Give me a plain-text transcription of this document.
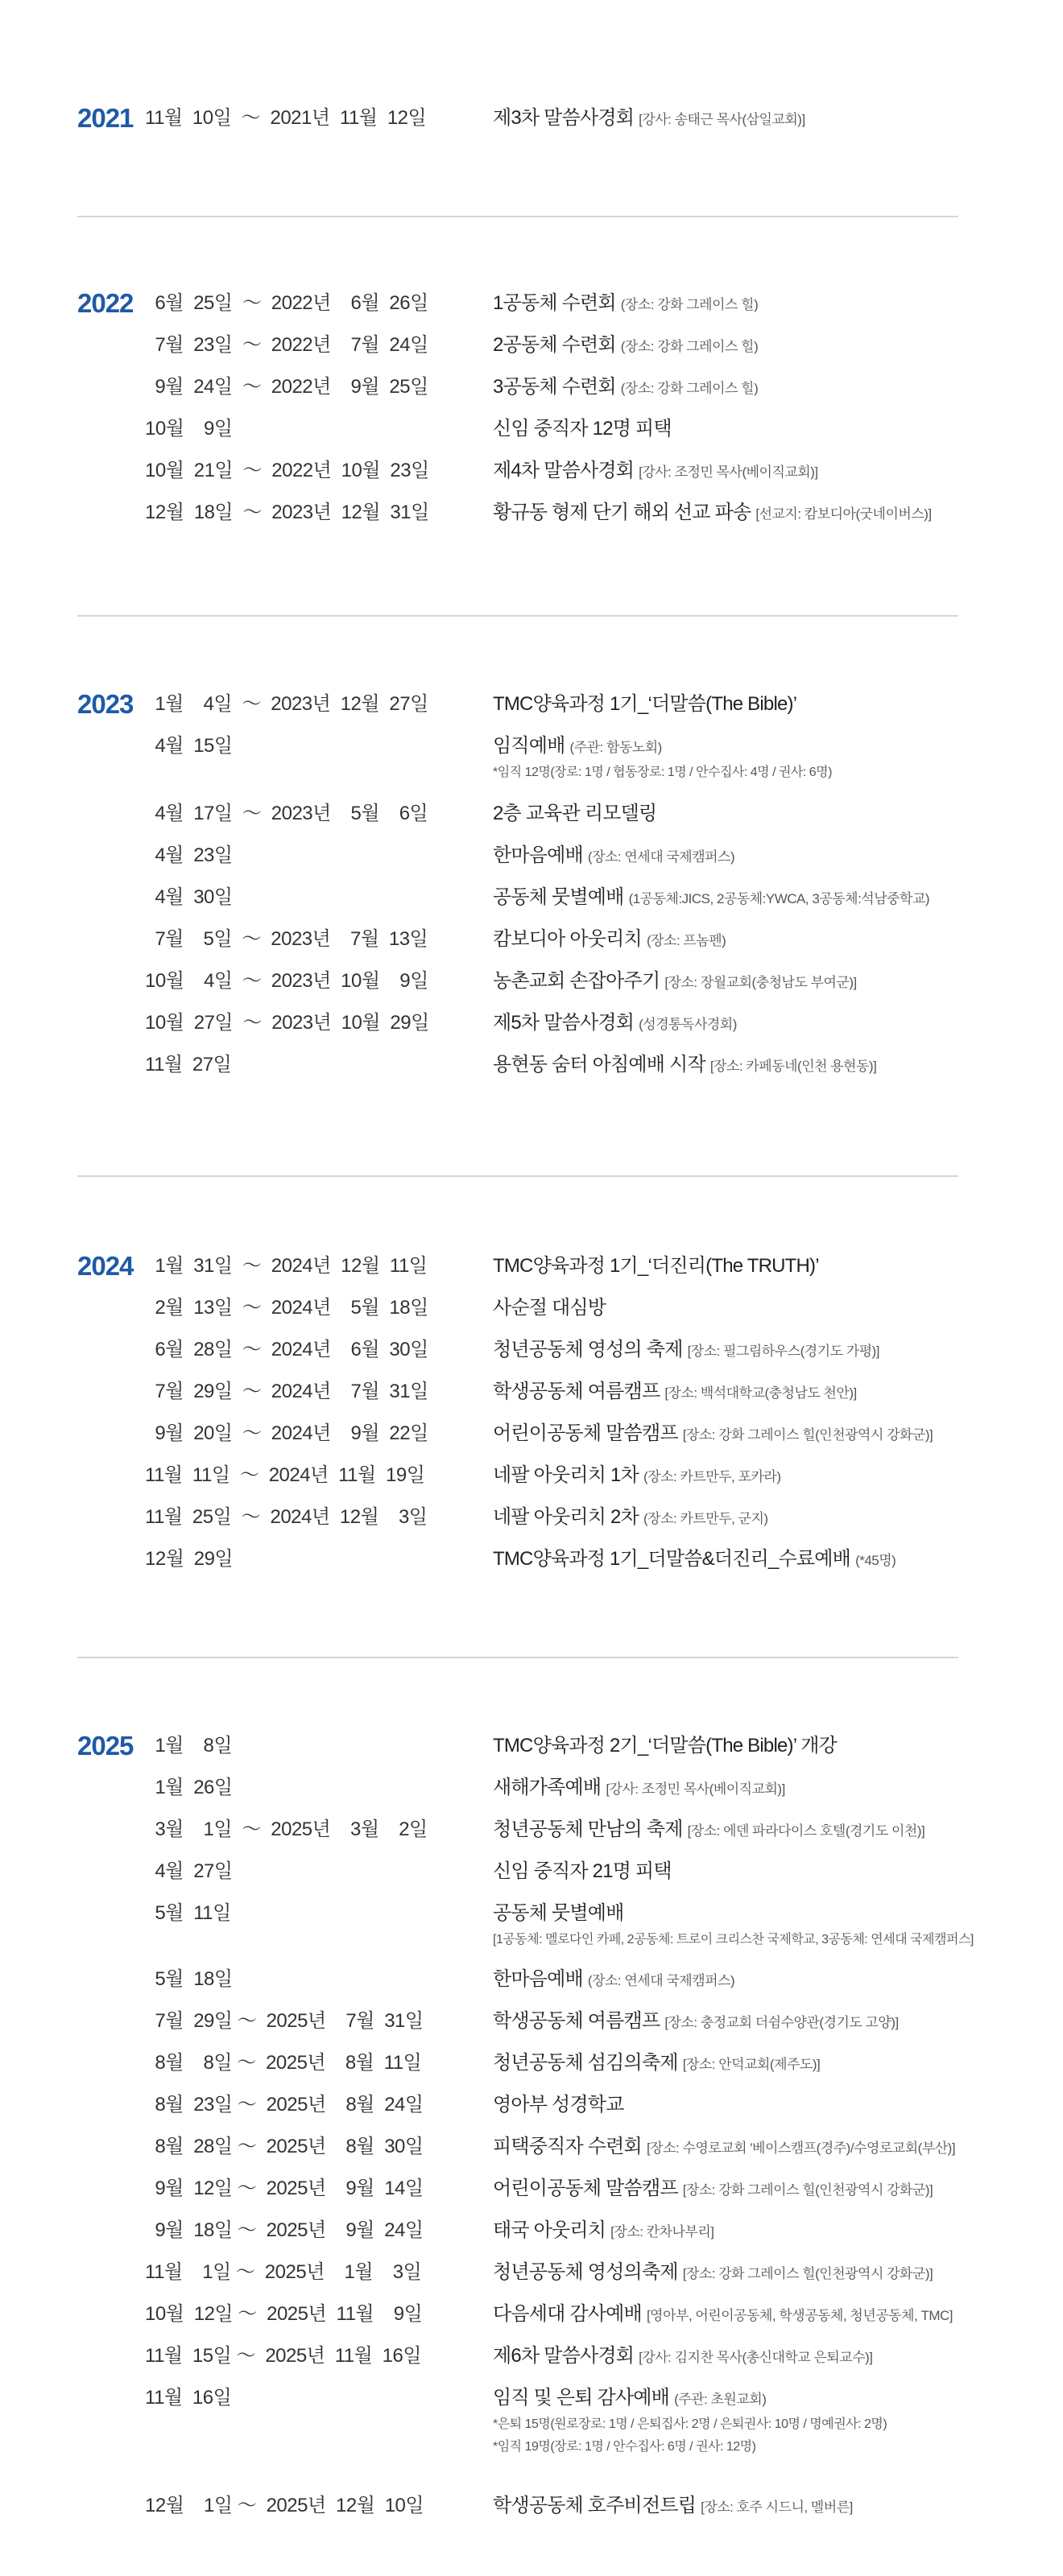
2021 11월  10일  ～  2021년  11월  12일	제3차 말씀사경회 [강사: 송태근 목사(삼일교회)]
2022 6월  25일  ～  2022년    6월  26일	1공동체 수련회 (장소: 강화 그레이스 힐)
7월  23일  ～  2022년    7월  24일	2공동체 수련회 (장소: 강화 그레이스 힐)
9월  24일  ～  2022년    9월  25일	3공동체 수련회 (장소: 강화 그레이스 힐)
10월    9일	신임 중직자 12명 피택
10월  21일  ～  2022년  10월  23일	제4차 말씀사경회 [강사: 조정민 목사(베이직교회)]
12월  18일  ～  2023년  12월  31일	황규동 형제 단기 해외 선교 파송 [선교지: 캄보디아(굿네이버스)]
2023 1월    4일  ～  2023년  12월  27일	TMC양육과정 1기_‘더말씀(The Bible)’
4월  15일	임직예배 (주관: 함동노회)
*임직 12명(장로: 1명 / 협동장로: 1명 / 안수집사: 4명 / 권사: 6명)
4월  17일  ～  2023년    5월    6일	2층 교육관 리모델링
4월  23일	한마음예배 (장소: 연세대 국제캠퍼스)
4월  30일	공동체 뭇별예배 (1공동체:JICS, 2공동체:YWCA, 3공동체:석남중학교)
7월    5일  ～  2023년    7월  13일	캄보디아 아웃리치 (장소: 프놈펜)
10월    4일  ～  2023년  10월    9일	농촌교회 손잡아주기 [장소: 장월교회(충청남도 부여군)]
10월  27일  ～  2023년  10월  29일	제5차 말씀사경회 (성경통독사경회)
11월  27일	용현동 숨터 아침예배 시작 [장소: 카페동네(인천 용현동)]
2024 1월  31일  ～  2024년  12월  11일	TMC양육과정 1기_‘더진리(The TRUTH)’
2월  13일  ～  2024년    5월  18일	사순절 대심방
6월  28일  ～  2024년    6월  30일	청년공동체 영성의 축제 [장소: 필그림하우스(경기도 가평)]
7월  29일  ～  2024년    7월  31일	학생공동체 여름캠프 [장소: 백석대학교(충청남도 천안)]
9월  20일  ～  2024년    9월  22일	어린이공동체 말씀캠프 [장소: 강화 그레이스 힐(인천광역시 강화군)]
11월  11일  ～  2024년  11월  19일	네팔 아웃리치 1차 (장소: 카트만두, 포카라)
11월  25일  ～  2024년  12월    3일	네팔 아웃리치 2차 (장소: 카트만두, 군지)
12월  29일	TMC양육과정 1기_더말씀&더진리_수료예배 (*45명)
2025 1월    8일	TMC양육과정 2기_‘더말씀(The Bible)’ 개강
1월  26일	새해가족예배 [강사: 조정민 목사(베이직교회)]
3월    1일  ～  2025년    3월    2일	청년공동체 만남의 축제 [장소: 에덴 파라다이스 호텔(경기도 이천)]
4월  27일	신임 중직자 21명 피택
5월  11일	공동체 뭇별예배
[1공동체: 멜로다인 카페, 2공동체: 트로이 크리스찬 국제학교, 3공동체: 연세대 국제캠퍼스]
5월  18일	한마음예배 (장소: 연세대 국제캠퍼스)
7월  29일 ～  2025년    7월  31일	학생공동체 여름캠프 [장소: 충정교회 더쉼수양관(경기도 고양)]
8월    8일 ～  2025년    8월  11일	청년공동체 섬김의축제 [장소: 안덕교회(제주도)]
8월  23일 ～  2025년    8월  24일	영아부 성경학교
8월  28일 ～  2025년    8월  30일	피택중직자 수련회 [장소: 수영로교회 '베이스캠프(경주)/수영로교회(부산)]
9월  12일 ～  2025년    9월  14일	어린이공동체 말씀캠프 [장소: 강화 그레이스 힐(인천광역시 강화군)]
9월  18일 ～  2025년    9월  24일	태국 아웃리치 [장소: 칸차나부리]
11월    1일 ～  2025년    1월    3일	청년공동체 영성의축제 [장소: 강화 그레이스 힐(인천광역시 강화군)]
10월  12일 ～  2025년  11월    9일	다음세대 감사예배 [영아부, 어린이공동체, 학생공동체, 청년공동체, TMC]
11월  15일 ～  2025년  11월  16일	제6차 말씀사경회 [강사: 김지찬 목사(총신대학교 은퇴교수)]
11월  16일	임직 및 은퇴 감사예배 (주관: 초원교회)
*은퇴 15명(원로장로: 1명 / 은퇴집사: 2명 / 은퇴권사: 10명 / 명예권사: 2명)
*임직 19명(장로: 1명 / 안수집사: 6명 / 권사: 12명)
12월    1일 ～  2025년  12월  10일	학생공동체 호주비전트립 [장소: 호주 시드니, 멜버른]
